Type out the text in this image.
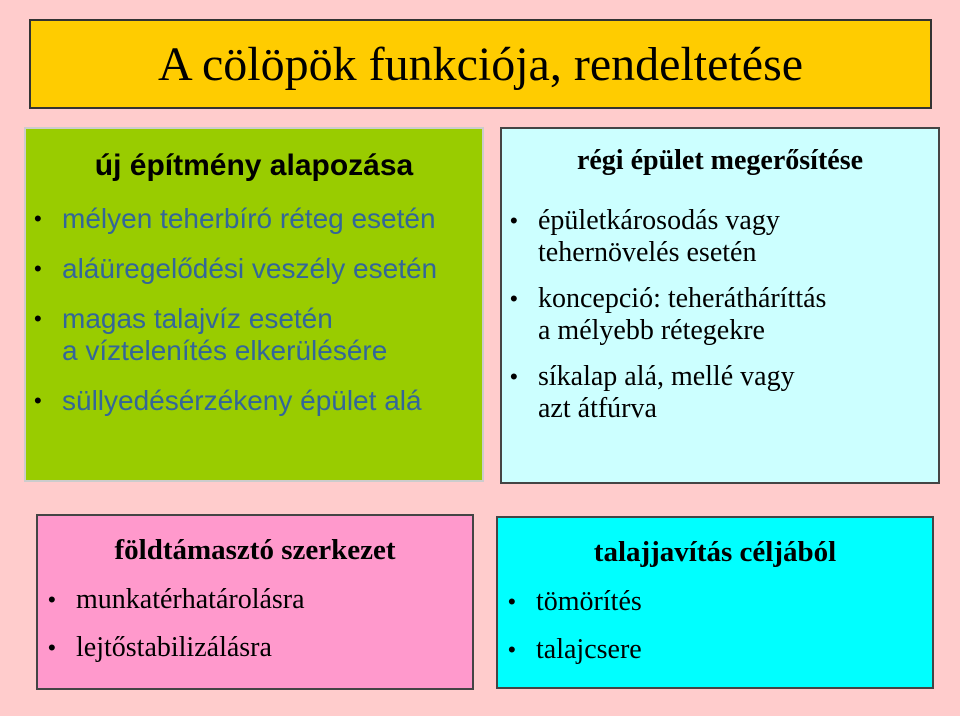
A cölöpök funkciója, rendeltetése
új építmény alapozása
• mélyen teherbíró réteg esetén
• aláüregelődési veszély esetén
• magas talajvíz esetén
a víztelenítés elkerülésére
• süllyedésérzékeny épület alá
régi épület megerősítése
• épületkárosodás vagy
tehernövelés esetén
• koncepció: teherátháríttás
a mélyebb rétegekre
• síkalap alá, mellé vagy
azt átfúrva
földtámasztó szerkezet
• munkatérhatárolásra
• lejtőstabilizálásra
talajjavítás céljából
• tömörítés
• talajcsere
